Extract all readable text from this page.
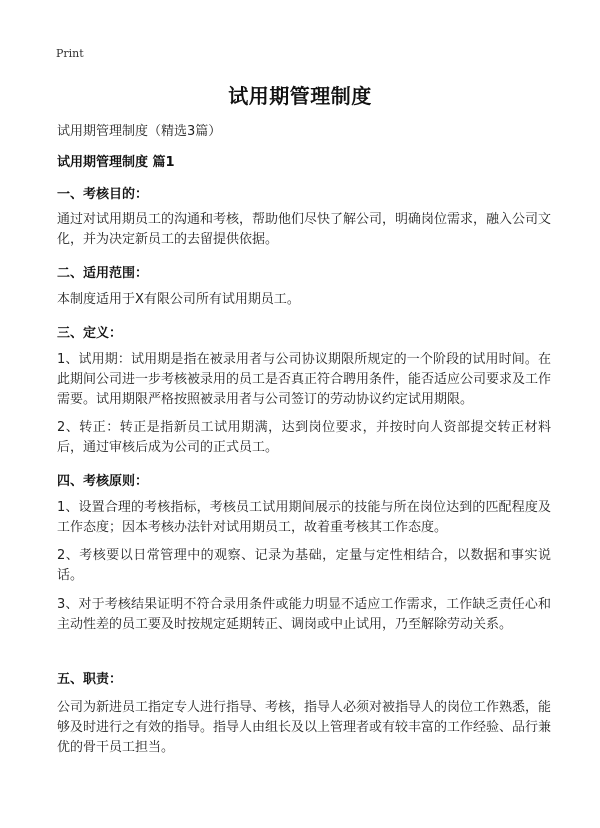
Print
试用期管理制度
试用期管理制度（精选3篇）
试用期管理制度 篇1
一、考核目的：
通过对试用期员工的沟通和考核，帮助他们尽快了解公司，明确岗位需求，融入公司文化，并为决定新员工的去留提供依据。
二、适用范围：
本制度适用于X有限公司所有试用期员工。
三、定义：
1、试用期：试用期是指在被录用者与公司协议期限所规定的一个阶段的试用时间。在此期间公司进一步考核被录用的员工是否真正符合聘用条件，能否适应公司要求及工作需要。试用期限严格按照被录用者与公司签订的劳动协议约定试用期限。
2、转正：转正是指新员工试用期满，达到岗位要求，并按时向人资部提交转正材料后，通过审核后成为公司的正式员工。
四、考核原则：
1、设置合理的考核指标，考核员工试用期间展示的技能与所在岗位达到的匹配程度及工作态度；因本考核办法针对试用期员工，故着重考核其工作态度。
2、考核要以日常管理中的观察、记录为基础，定量与定性相结合，以数据和事实说话。
3、对于考核结果证明不符合录用条件或能力明显不适应工作需求，工作缺乏责任心和主动性差的员工要及时按规定延期转正、调岗或中止试用，乃至解除劳动关系。
五、职责：
公司为新进员工指定专人进行指导、考核，指导人必须对被指导人的岗位工作熟悉，能够及时进行之有效的指导。指导人由组长及以上管理者或有较丰富的工作经验、品行兼优的骨干员工担当。
